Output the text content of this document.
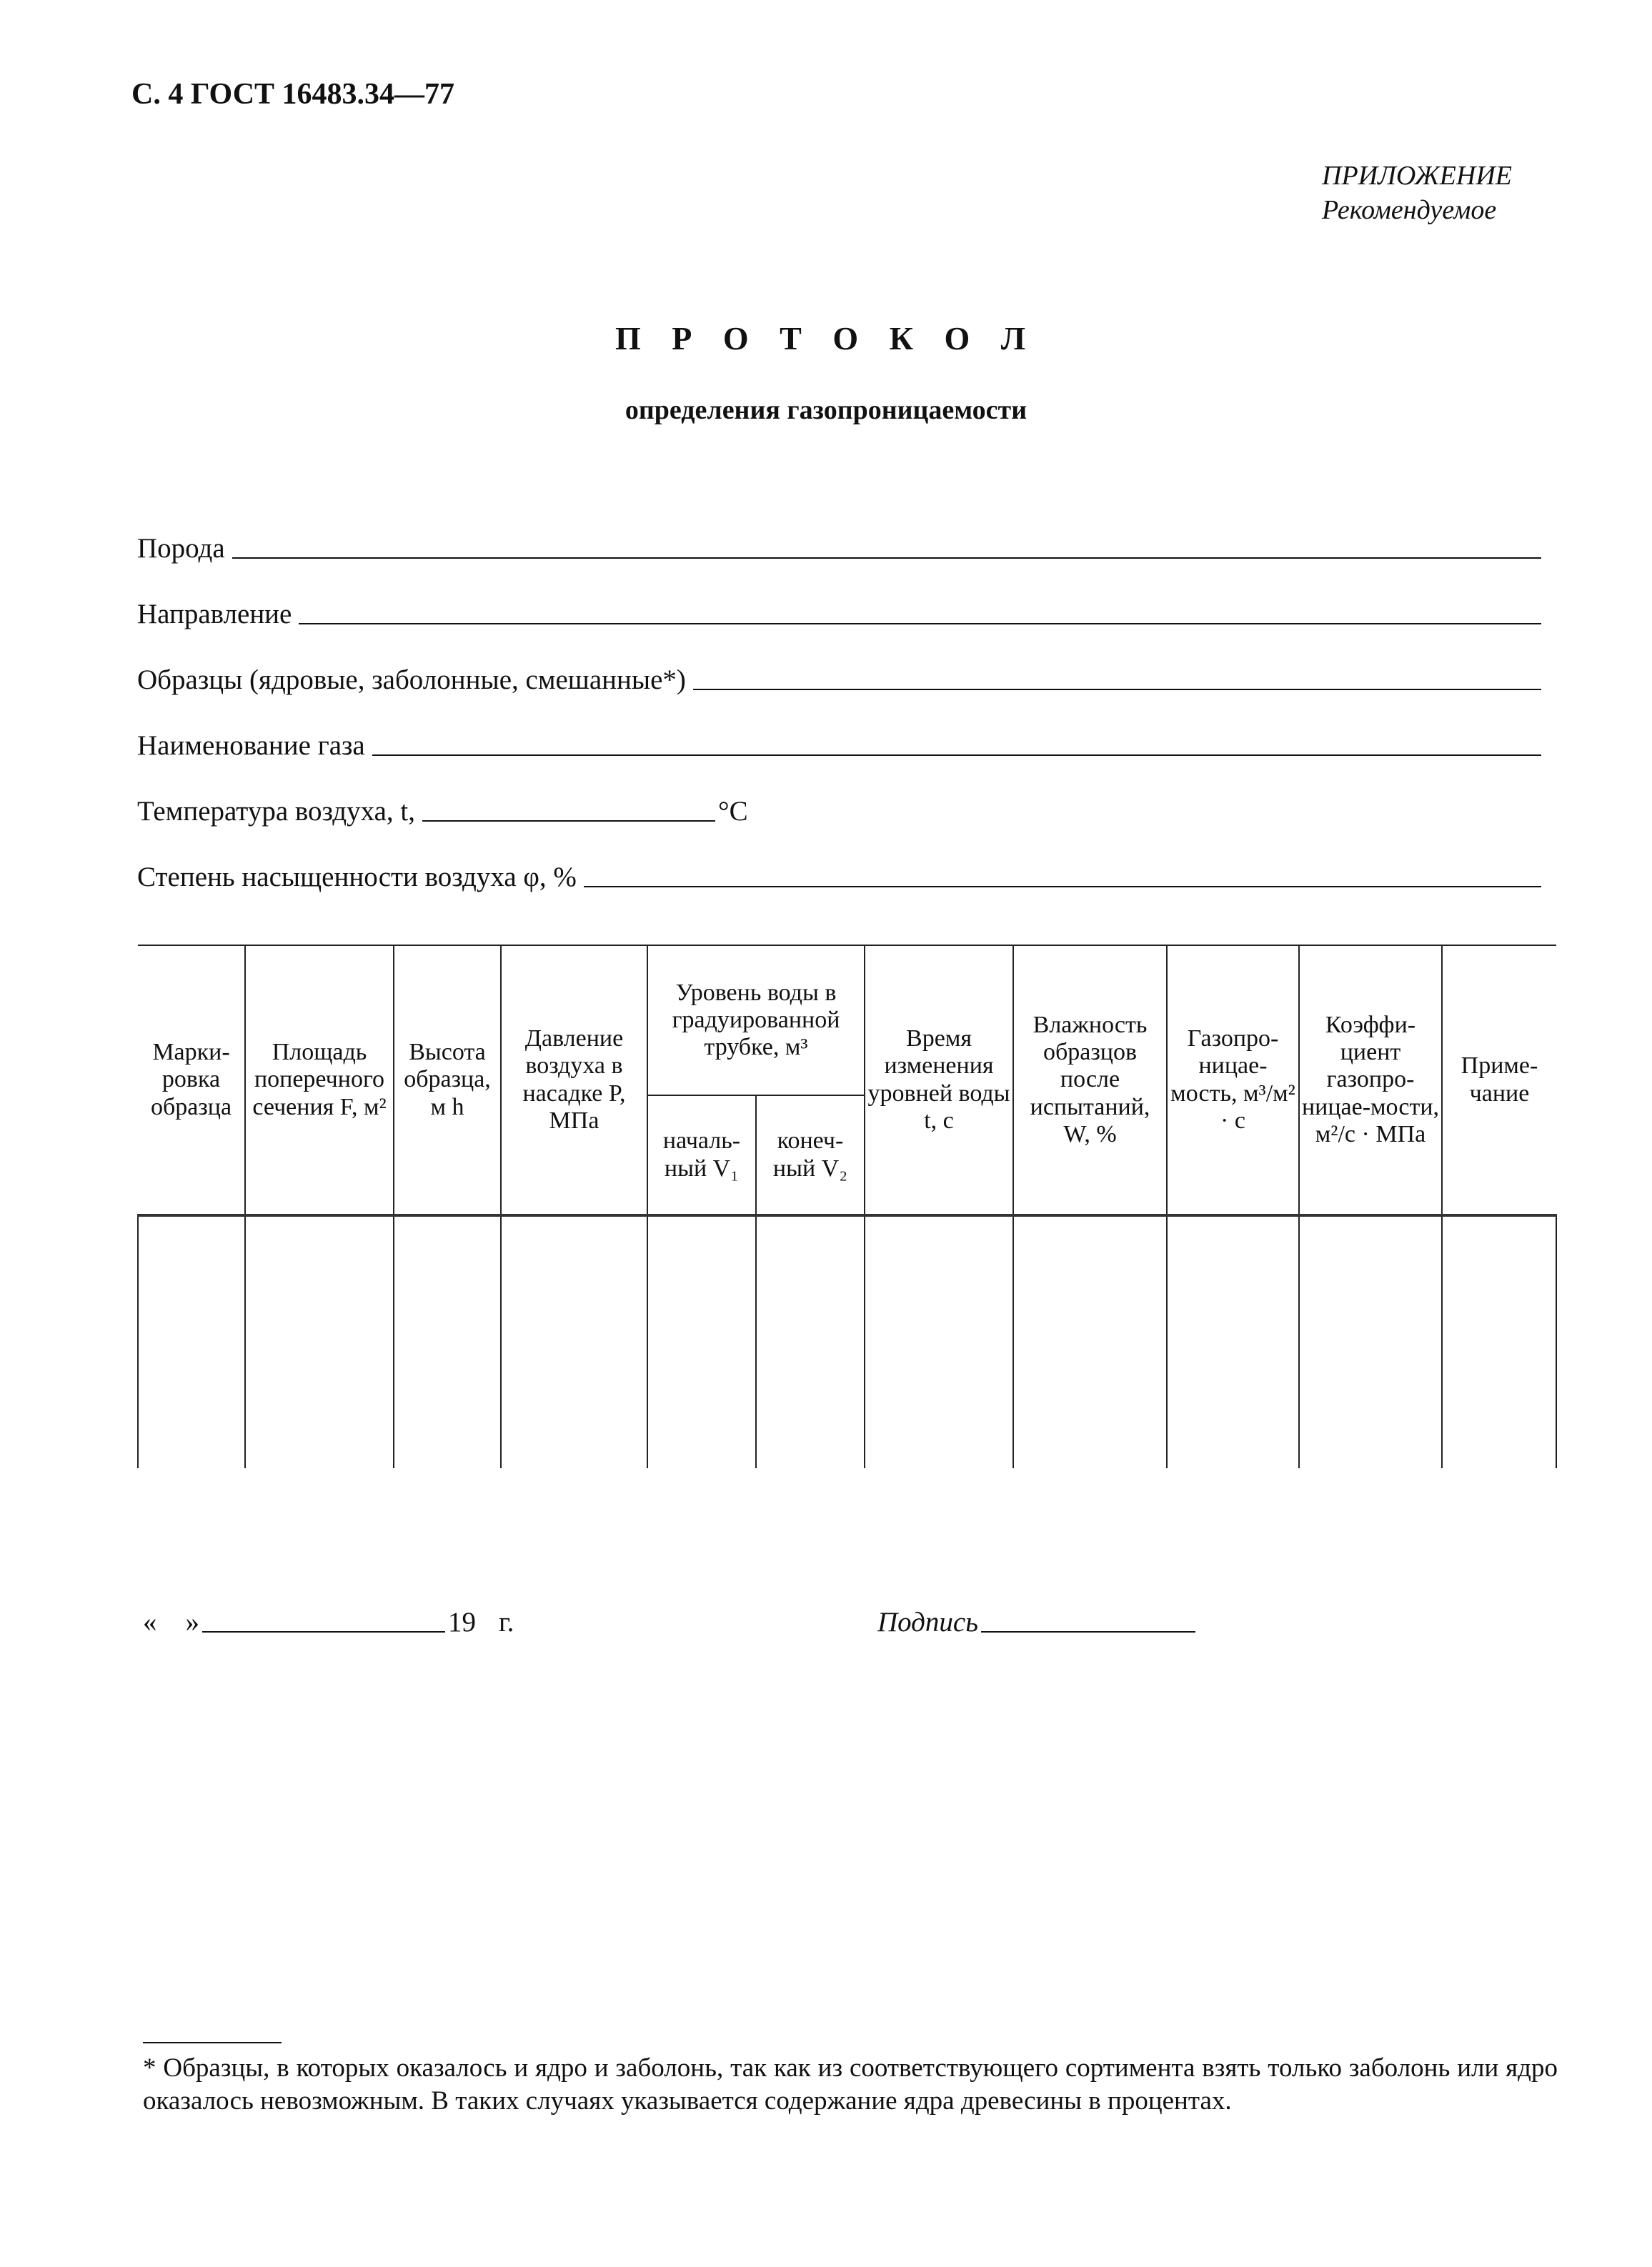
С. 4 ГОСТ 16483.34—77
ПРИЛОЖЕНИЕ
Рекомендуемое
П Р О Т О К О Л
определения газопроницаемости
Порода
Направление
Образцы (ядровые, заболонные, смешанные*)
Наименование газа
Температура воздуха, t,	°С
Степень насыщенности воздуха φ, %
Марки-ровка образца	Площадь поперечного сечения F, м²	Высота образца, м h	Давление воздуха в насадке P, МПа	Уровень воды в градуированной трубке, м³		Время изменения уровней воды t, с	Влажность образцов после испытаний, W, %	Газопро-ницае-мость, м³/м² · с	Коэффи-циент газопро-ницае-мости, м²/с · МПа	Приме-чание
				началь-ный V₁	конеч-ный V₂					

« »	19 г.	Подпись
* Образцы, в которых оказалось и ядро и заболонь, так как из соответствующего сортимента взять только заболонь или ядро оказалось невозможным. В таких случаях указывается содержание ядра древесины в процентах.
